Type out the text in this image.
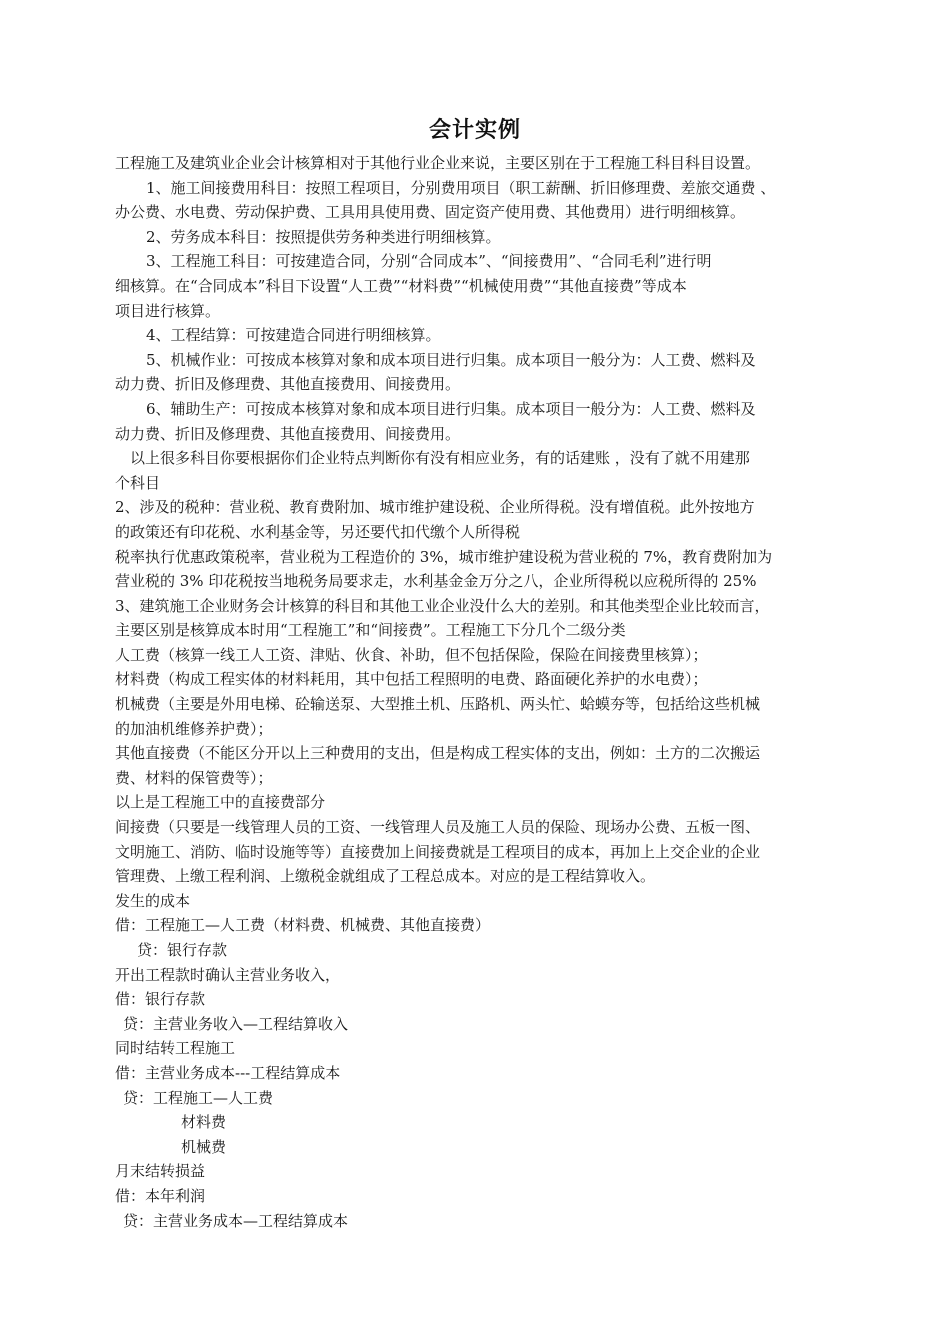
会计实例
工程施工及建筑业企业会计核算相对于其他行业企业来说，主要区别在于工程施工科目科目设置。
1、施工间接费用科目：按照工程项目，分别费用项目（职工薪酬、折旧修理费、差旅交通费 、
办公费、水电费、劳动保护费、工具用具使用费、固定资产使用费、其他费用）进行明细核算。
2、劳务成本科目：按照提供劳务种类进行明细核算。
3、工程施工科目：可按建造合同，分别“合同成本”、“间接费用”、“合同毛利”进行明
细核算。在“合同成本”科目下设置“人工费”“材料费”“机械使用费”“其他直接费”等成本
项目进行核算。
4、工程结算：可按建造合同进行明细核算。
5、机械作业：可按成本核算对象和成本项目进行归集。成本项目一般分为：人工费、燃料及
动力费、折旧及修理费、其他直接费用、间接费用。
6、辅助生产：可按成本核算对象和成本项目进行归集。成本项目一般分为：人工费、燃料及
动力费、折旧及修理费、其他直接费用、间接费用。
以上很多科目你要根据你们企业特点判断你有没有相应业务，有的话建账 ，没有了就不用建那
个科目
2、涉及的税种：营业税、教育费附加、城市维护建设税、企业所得税。没有增值税。此外按地方
的政策还有印花税、水利基金等，另还要代扣代缴个人所得税
税率执行优惠政策税率，营业税为工程造价的 3%，城市维护建设税为营业税的 7%，教育费附加为
营业税的 3% 印花税按当地税务局要求走，水利基金金万分之八，企业所得税以应税所得的 25%
3、建筑施工企业财务会计核算的科目和其他工业企业没什么大的差别。和其他类型企业比较而言，
主要区别是核算成本时用“工程施工”和“间接费”。工程施工下分几个二级分类
人工费（核算一线工人工资、津贴、伙食、补助，但不包括保险，保险在间接费里核算）；
材料费（构成工程实体的材料耗用，其中包括工程照明的电费、路面硬化养护的水电费）；
机械费（主要是外用电梯、砼输送泵、大型推土机、压路机、两头忙、蛤蟆夯等，包括给这些机械
的加油机维修养护费）；
其他直接费（不能区分开以上三种费用的支出，但是构成工程实体的支出，例如：土方的二次搬运
费、材料的保管费等）；
以上是工程施工中的直接费部分
间接费（只要是一线管理人员的工资、一线管理人员及施工人员的保险、现场办公费、五板一图、
文明施工、消防、临时设施等等）直接费加上间接费就是工程项目的成本，再加上上交企业的企业
管理费、上缴工程利润、上缴税金就组成了工程总成本。对应的是工程结算收入。
发生的成本
借：工程施工—人工费（材料费、机械费、其他直接费）
贷：银行存款
开出工程款时确认主营业务收入，
借：银行存款
贷：主营业务收入—工程结算收入
同时结转工程施工
借：主营业务成本---工程结算成本
贷：工程施工—人工费
材料费
机械费
月末结转损益
借：本年利润
贷：主营业务成本—工程结算成本
